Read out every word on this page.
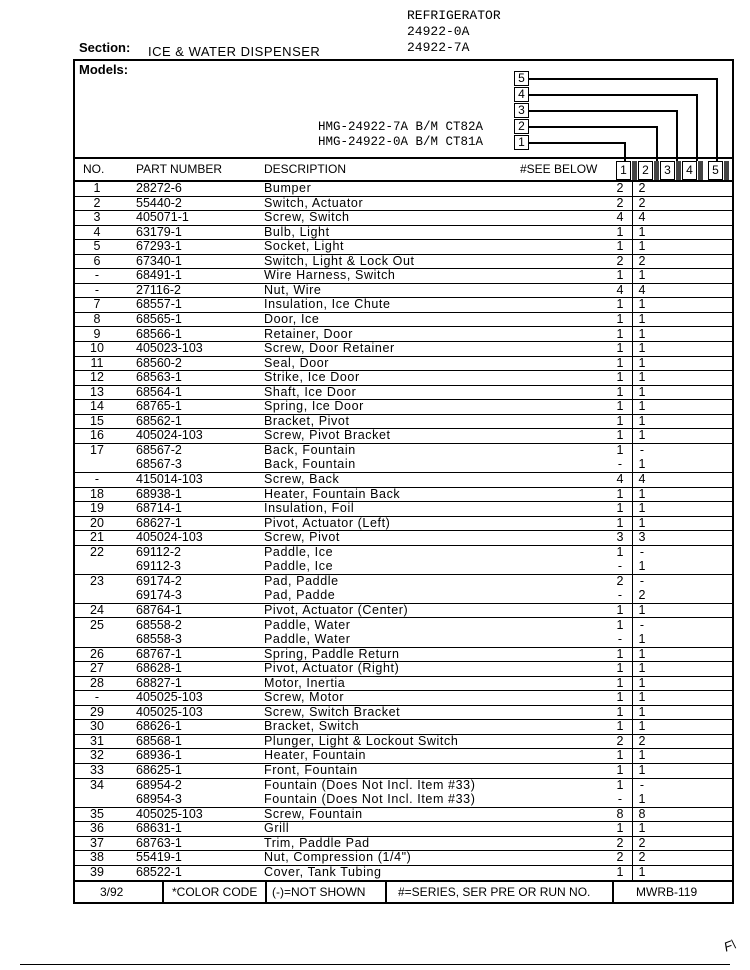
REFRIGERATOR
24922-0A
24922-7A
Section: ICE & WATER DISPENSER
Models:
HMG-24922-7A B/M CT82A
HMG-24922-0A B/M CT81A
5
4
3
2
1
NO.	PART NUMBER	DESCRIPTION	#SEE BELOW	1	2	3	4	5
1	28272-6	Bumper	2 2
2	55440-2	Switch, Actuator	2 2
3	405071-1	Screw, Switch	4 4
4	63179-1	Bulb, Light	1 1
5	67293-1	Socket, Light	1 1
6	67340-1	Switch, Light & Lock Out	2 2
-	68491-1	Wire Harness, Switch	1 1
-	27116-2	Nut, Wire	4 4
7	68557-1	Insulation, Ice Chute	1 1
8	68565-1	Door, Ice	1 1
9	68566-1	Retainer, Door	1 1
10	405023-103	Screw, Door Retainer	1 1
11	68560-2	Seal, Door	1 1
12	68563-1	Strike, Ice Door	1 1
13	68564-1	Shaft, Ice Door	1 1
14	68765-1	Spring, Ice Door	1 1
15	68562-1	Bracket, Pivot	1 1
16	405024-103	Screw, Pivot Bracket	1 1
17	68567-2	Back, Fountain	1	-
68567-3	Back, Fountain	-	1
-	415014-103	Screw, Back	4 4
18	68938-1	Heater, Fountain Back	1 1
19	68714-1	Insulation, Foil	1 1
20	68627-1	Pivot, Actuator (Left)	1 1
21	405024-103	Screw, Pivot	3 3
22	69112-2	Paddle, Ice	1	-
69112-3	Paddle, Ice	-	1
23	69174-2	Pad, Paddle	2	-
69174-3	Pad, Padde	-	2
24	68764-1	Pivot, Actuator (Center)	1 1
25	68558-2	Paddle, Water	1	-
68558-3	Paddle, Water	-	1
26	68767-1	Spring, Paddle Return	1 1
27	68628-1	Pivot, Actuator (Right)	1 1
28	68827-1	Motor, Inertia	1 1
-	405025-103	Screw, Motor	1 1
29	405025-103	Screw, Switch Bracket	1 1
30	68626-1	Bracket, Switch	1 1
31	68568-1	Plunger, Light & Lockout Switch	2 2
32	68936-1	Heater, Fountain	1 1
33	68625-1	Front, Fountain	1 1
34	68954-2	Fountain (Does Not Incl. Item #33)	1	-
68954-3	Fountain (Does Not Incl. Item #33)	-	1
35	405025-103	Screw, Fountain	8 8
36	68631-1	Grill	1 1
37	68763-1	Trim, Paddle Pad	2 2
38	55419-1	Nut, Compression (1/4")	2 2
39	68522-1	Cover, Tank Tubing	1 1
3/92	*COLOR CODE (-)=NOT SHOWN	#=SERIES, SER PRE OR RUN NO.	MWRB-119
F\
